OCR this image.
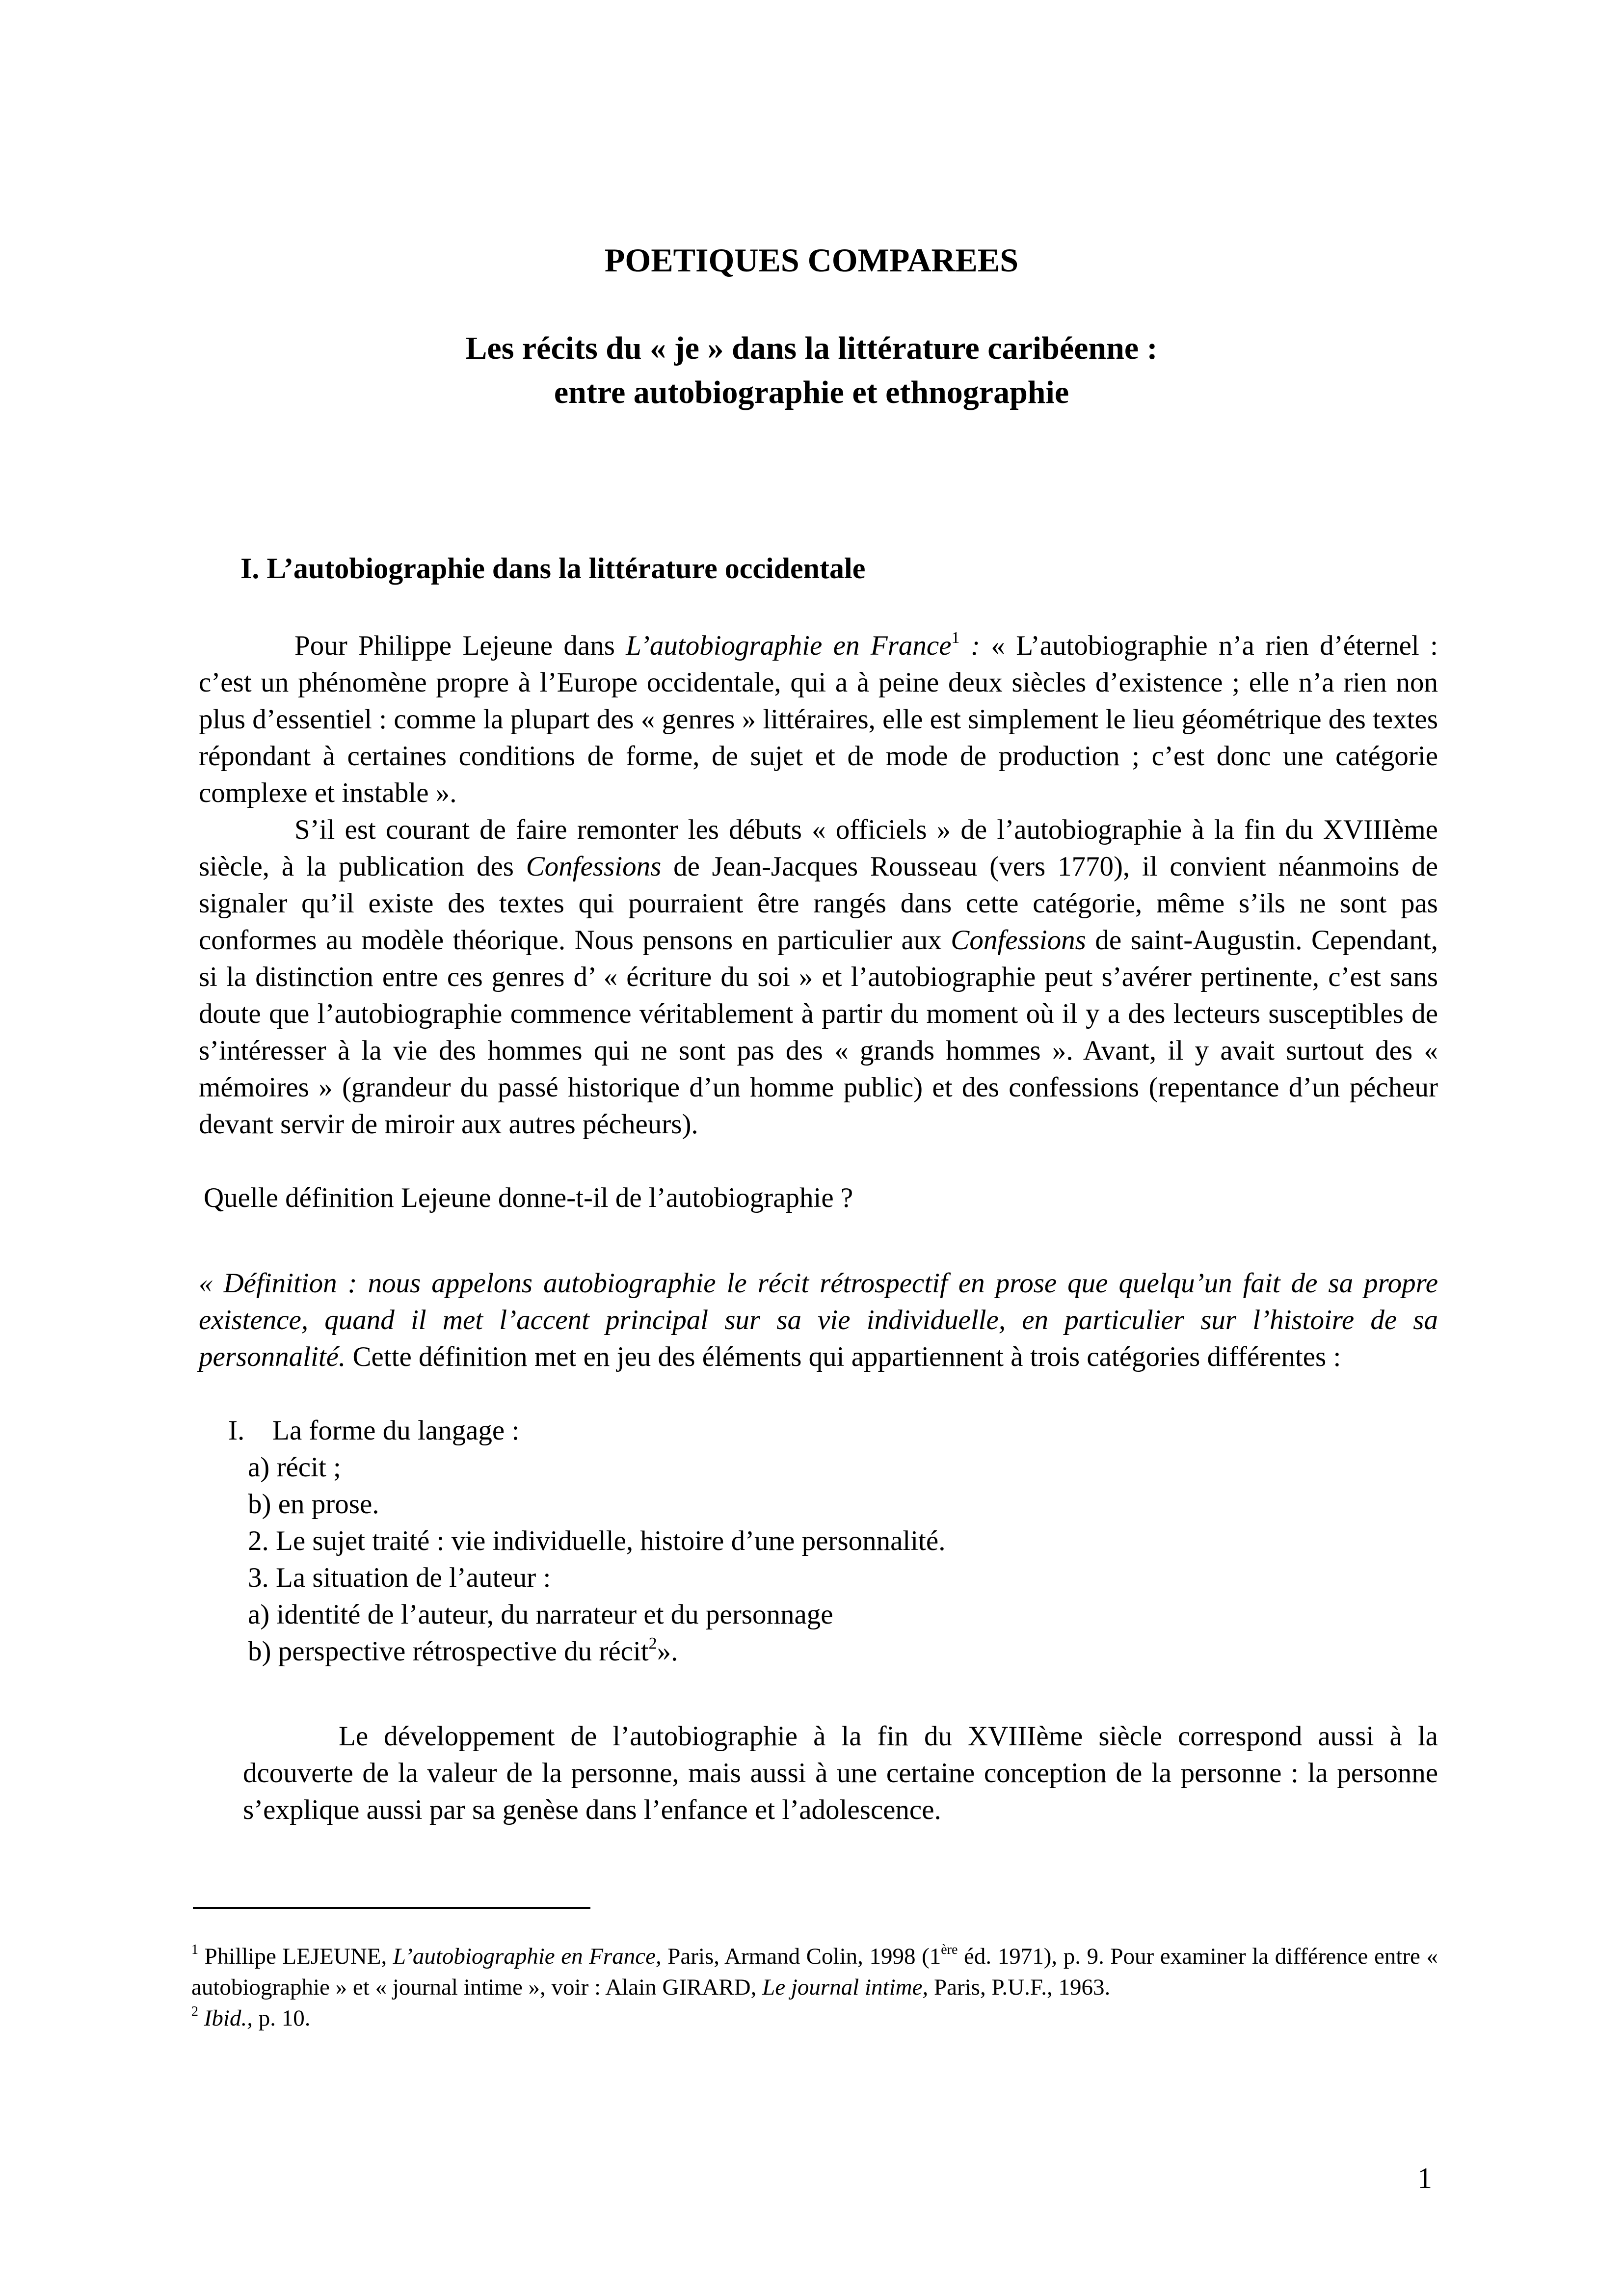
POETIQUES COMPAREES
Les récits du « je » dans la littérature caribéenne :
entre autobiographie et ethnographie
I. L’autobiographie dans la littérature occidentale

Pour Philippe Lejeune dans L’autobiographie en France$^1$ : « L’autobiographie n’a rien d’éternel : c’est un phénomène propre à l’Europe occidentale, qui a à peine deux siècles d’existence ; elle n’a rien non plus d’essentiel : comme la plupart des « genres » littéraires, elle est simplement le lieu géométrique des textes répondant à certaines conditions de forme, de sujet et de mode de production ; c’est donc une catégorie complexe et instable ».

S’il est courant de faire remonter les débuts « officiels » de l’autobiographie à la fin du XVIIIème siècle, à la publication des Confessions de Jean-Jacques Rousseau (vers 1770), il convient néanmoins de signaler qu’il existe des textes qui pourraient être rangés dans cette catégorie, même s’ils ne sont pas conformes au modèle théorique. Nous pensons en particulier aux Confessions de saint-Augustin. Cependant, si la distinction entre ces genres d’ « écriture du soi » et l’autobiographie peut s’avérer pertinente, c’est sans doute que l’autobiographie commence véritablement à partir du moment où il y a des lecteurs susceptibles de s’intéresser à la vie des hommes qui ne sont pas des « grands hommes ». Avant, il y avait surtout des « mémoires » (grandeur du passé historique d’un homme public) et des confessions (repentance d’un pécheur devant servir de miroir aux autres pécheurs).

Quelle définition Lejeune donne-t-il de l’autobiographie ?

« Définition : nous appelons autobiographie le récit rétrospectif en prose que quelqu’un fait de sa propre existence, quand il met l’accent principal sur sa vie individuelle, en particulier sur l’histoire de sa personnalité. Cette définition met en jeu des éléments qui appartiennent à trois catégories différentes :

I. La forme du langage :
a) récit ;
b) en prose.
2. Le sujet traité : vie individuelle, histoire d’une personnalité.
3. La situation de l’auteur :
a) identité de l’auteur, du narrateur et du personnage
b) perspective rétrospective du récit$^2$».

Le développement de l’autobiographie à la fin du XVIIIème siècle correspond aussi à la dcouverte de la valeur de la personne, mais aussi à une certaine conception de la personne : la personne s’explique aussi par sa genèse dans l’enfance et l’adolescence.

$^1$ Phillipe LEJEUNE, L’autobiographie en France, Paris, Armand Colin, 1998 (1ère éd. 1971), p. 9. Pour examiner la différence entre « autobiographie » et « journal intime », voir : Alain GIRARD, Le journal intime, Paris, P.U.F., 1963.

$^2$ Ibid., p. 10.

1
